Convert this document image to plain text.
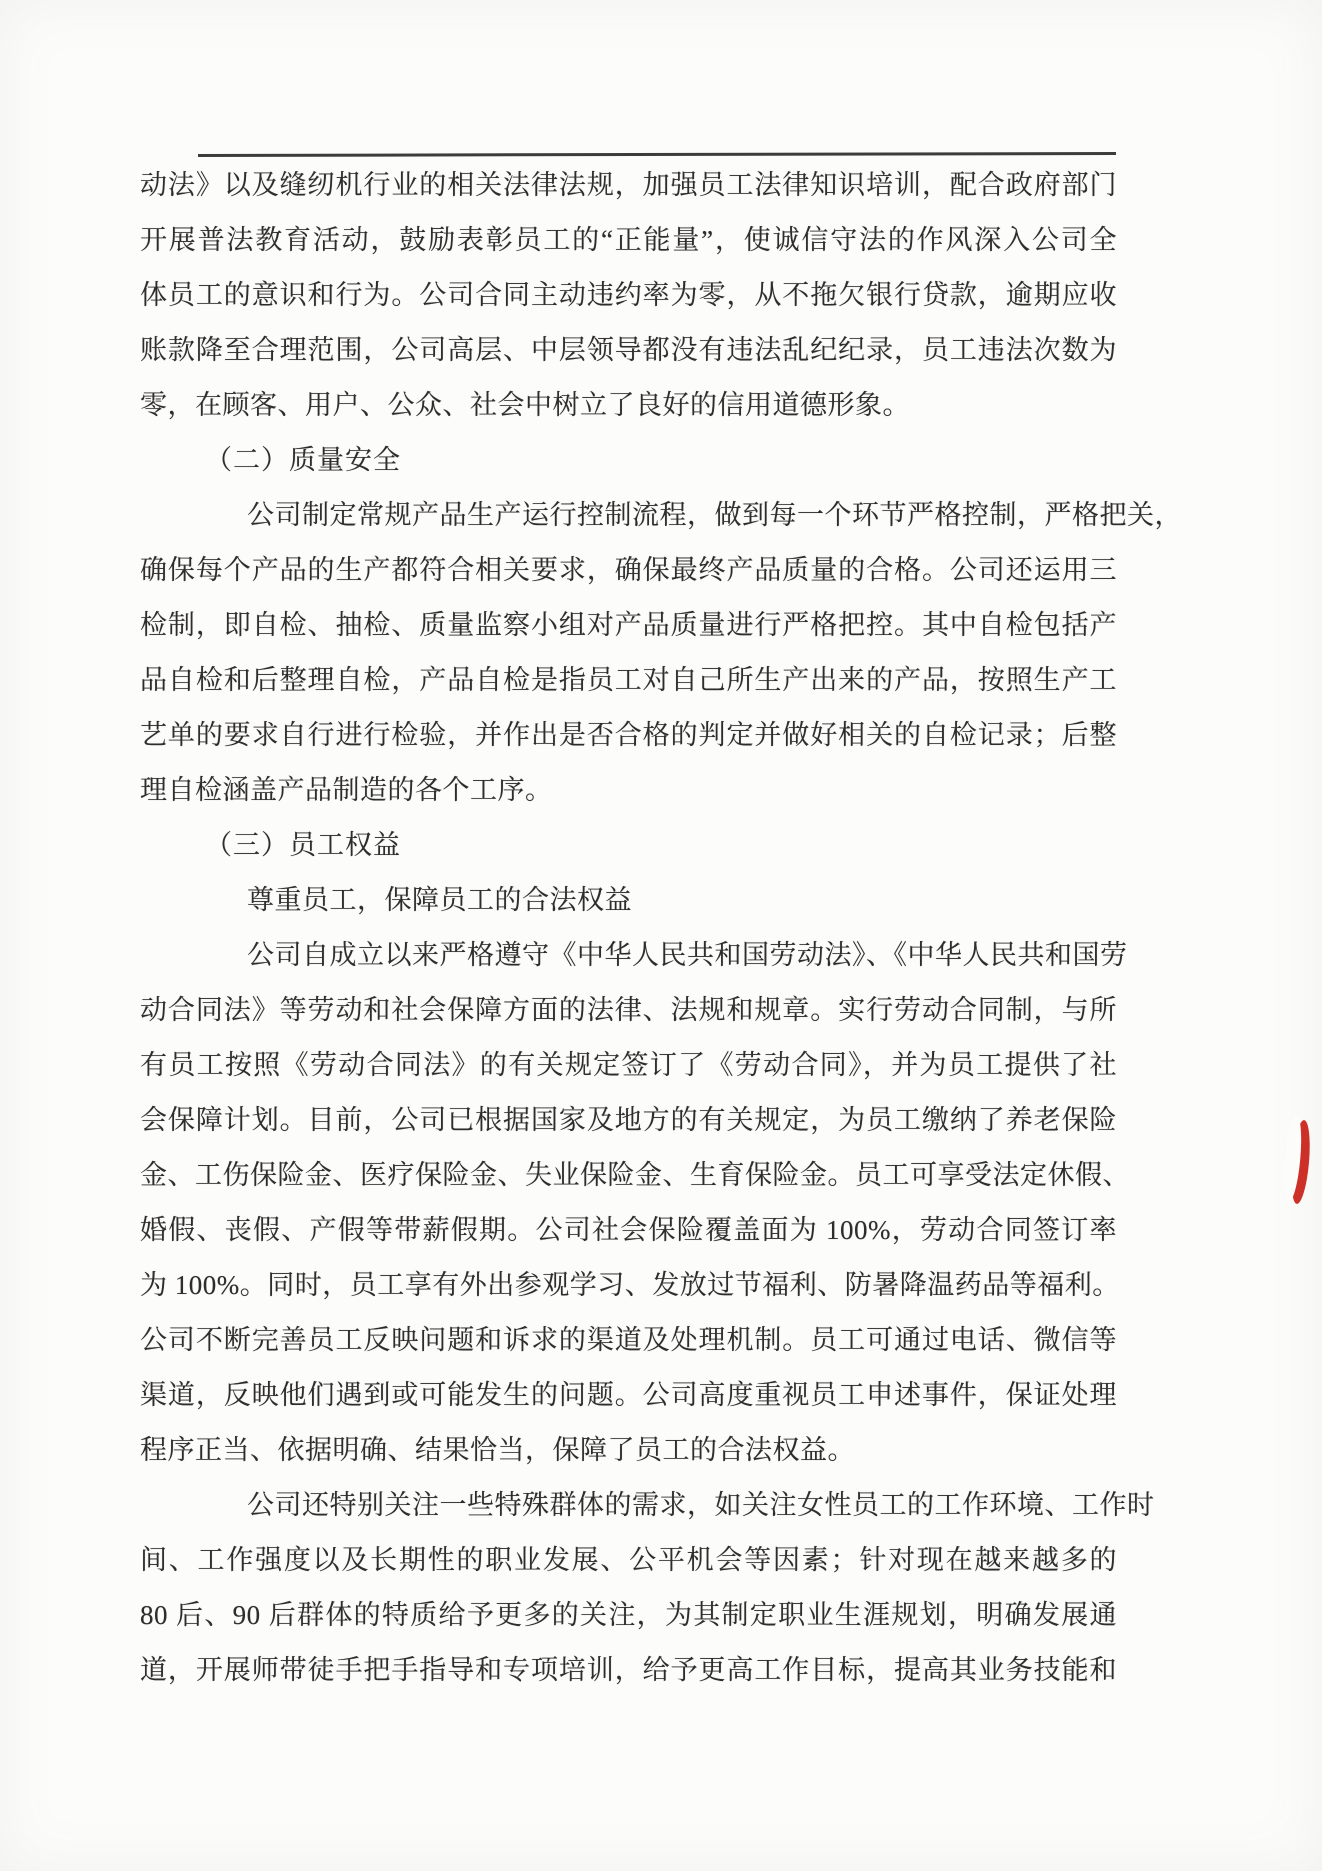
动法》以及缝纫机行业的相关法律法规，加强员工法律知识培训，配合政府部门
开展普法教育活动，鼓励表彰员工的“正能量”，使诚信守法的作风深入公司全
体员工的意识和行为。公司合同主动违约率为零，从不拖欠银行贷款，逾期应收
账款降至合理范围，公司高层、中层领导都没有违法乱纪纪录，员工违法次数为
零，在顾客、用户、公众、社会中树立了良好的信用道德形象。
（二）质量安全
公司制定常规产品生产运行控制流程，做到每一个环节严格控制，严格把关，
确保每个产品的生产都符合相关要求，确保最终产品质量的合格。公司还运用三
检制，即自检、抽检、质量监察小组对产品质量进行严格把控。其中自检包括产
品自检和后整理自检，产品自检是指员工对自己所生产出来的产品，按照生产工
艺单的要求自行进行检验，并作出是否合格的判定并做好相关的自检记录；后整
理自检涵盖产品制造的各个工序。
（三）员工权益
尊重员工，保障员工的合法权益
公司自成立以来严格遵守《中华人民共和国劳动法》、《中华人民共和国劳
动合同法》等劳动和社会保障方面的法律、法规和规章。实行劳动合同制，与所
有员工按照《劳动合同法》的有关规定签订了《劳动合同》，并为员工提供了社
会保障计划。目前，公司已根据国家及地方的有关规定，为员工缴纳了养老保险
金、工伤保险金、医疗保险金、失业保险金、生育保险金。员工可享受法定休假、
婚假、丧假、产假等带薪假期。公司社会保险覆盖面为 100%，劳动合同签订率
为 100%。同时，员工享有外出参观学习、发放过节福利、防暑降温药品等福利。
公司不断完善员工反映问题和诉求的渠道及处理机制。员工可通过电话、微信等
渠道，反映他们遇到或可能发生的问题。公司高度重视员工申述事件，保证处理
程序正当、依据明确、结果恰当，保障了员工的合法权益。
公司还特别关注一些特殊群体的需求，如关注女性员工的工作环境、工作时
间、工作强度以及长期性的职业发展、公平机会等因素；针对现在越来越多的
80 后、90 后群体的特质给予更多的关注，为其制定职业生涯规划，明确发展通
道，开展师带徒手把手指导和专项培训，给予更高工作目标，提高其业务技能和
